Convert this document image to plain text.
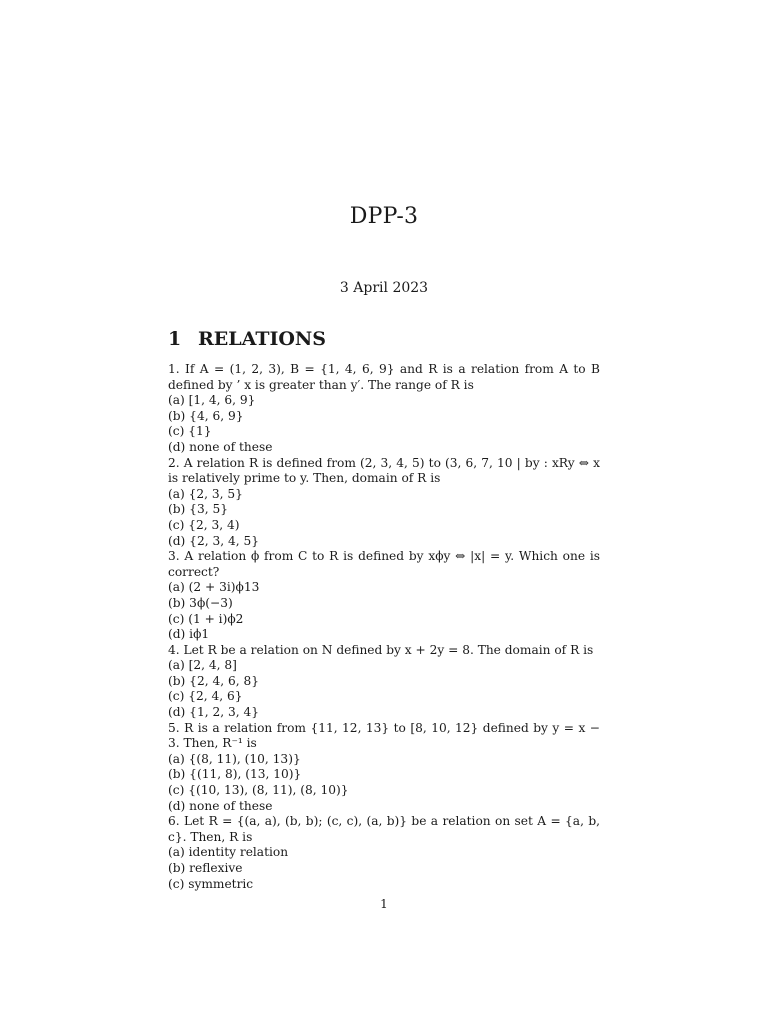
DPP-3
3 April 2023
1 RELATIONS

1. If A = (1, 2, 3), B = {1, 4, 6, 9} and R is a relation from A to B defined by ’ x is greater than y′. The range of R is

(a) [1, 4, 6, 9}

(b) {4, 6, 9}

(c) {1}

(d) none of these

2. A relation R is defined from (2, 3, 4, 5) to (3, 6, 7, 10 | by : xRy ⇔ x is relatively prime to y. Then, domain of R is

(a) {2, 3, 5}

(b) {3, 5}

(c) {2, 3, 4)

(d) {2, 3, 4, 5}

3. A relation ϕ from C to R is defined by xϕy ⇔ |x| = y. Which one is correct?

(a) (2 + 3i)ϕ13

(b) 3ϕ(−3)

(c) (1 + i)ϕ2

(d) iϕ1

4. Let R be a relation on N defined by x + 2y = 8. The domain of R is

(a) [2, 4, 8]

(b) {2, 4, 6, 8}

(c) {2, 4, 6}

(d) {1, 2, 3, 4}

5. R is a relation from {11, 12, 13} to [8, 10, 12} defined by y = x − 3. Then, R⁻¹ is

(a) {(8, 11), (10, 13)}

(b) {(11, 8), (13, 10)}

(c) {(10, 13), (8, 11), (8, 10)}

(d) none of these

6. Let R = {(a, a), (b, b); (c, c), (a, b)} be a relation on set A = {a, b, c}. Then, R is

(a) identity relation

(b) reflexive

(c) symmetric

1
